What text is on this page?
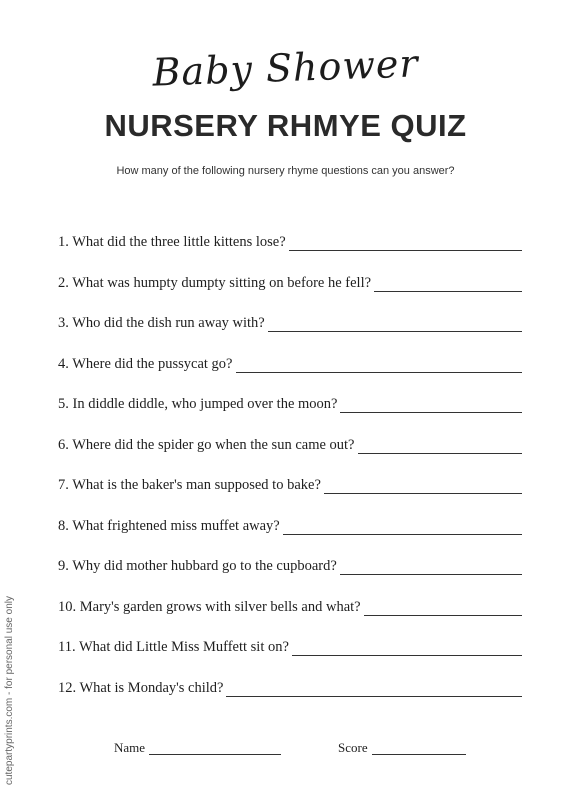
Baby Shower
NURSERY RHMYE QUIZ
How many of the following nursery rhyme questions can you answer?
1. What did the three little kittens lose?
2. What was humpty dumpty sitting on before he fell?
3. Who did the dish run away with?
4. Where did the pussycat go?
5. In diddle diddle, who jumped over the moon?
6. Where did the spider go when the sun came out?
7. What is the baker's man supposed to bake?
8. What frightened miss muffet away?
9. Why did mother hubbard go to the cupboard?
10. Mary's garden grows with silver bells and what?
11. What did Little Miss Muffett sit on?
12. What is Monday's child?
Name	Score
cutepartyprints.com - for personal use only
